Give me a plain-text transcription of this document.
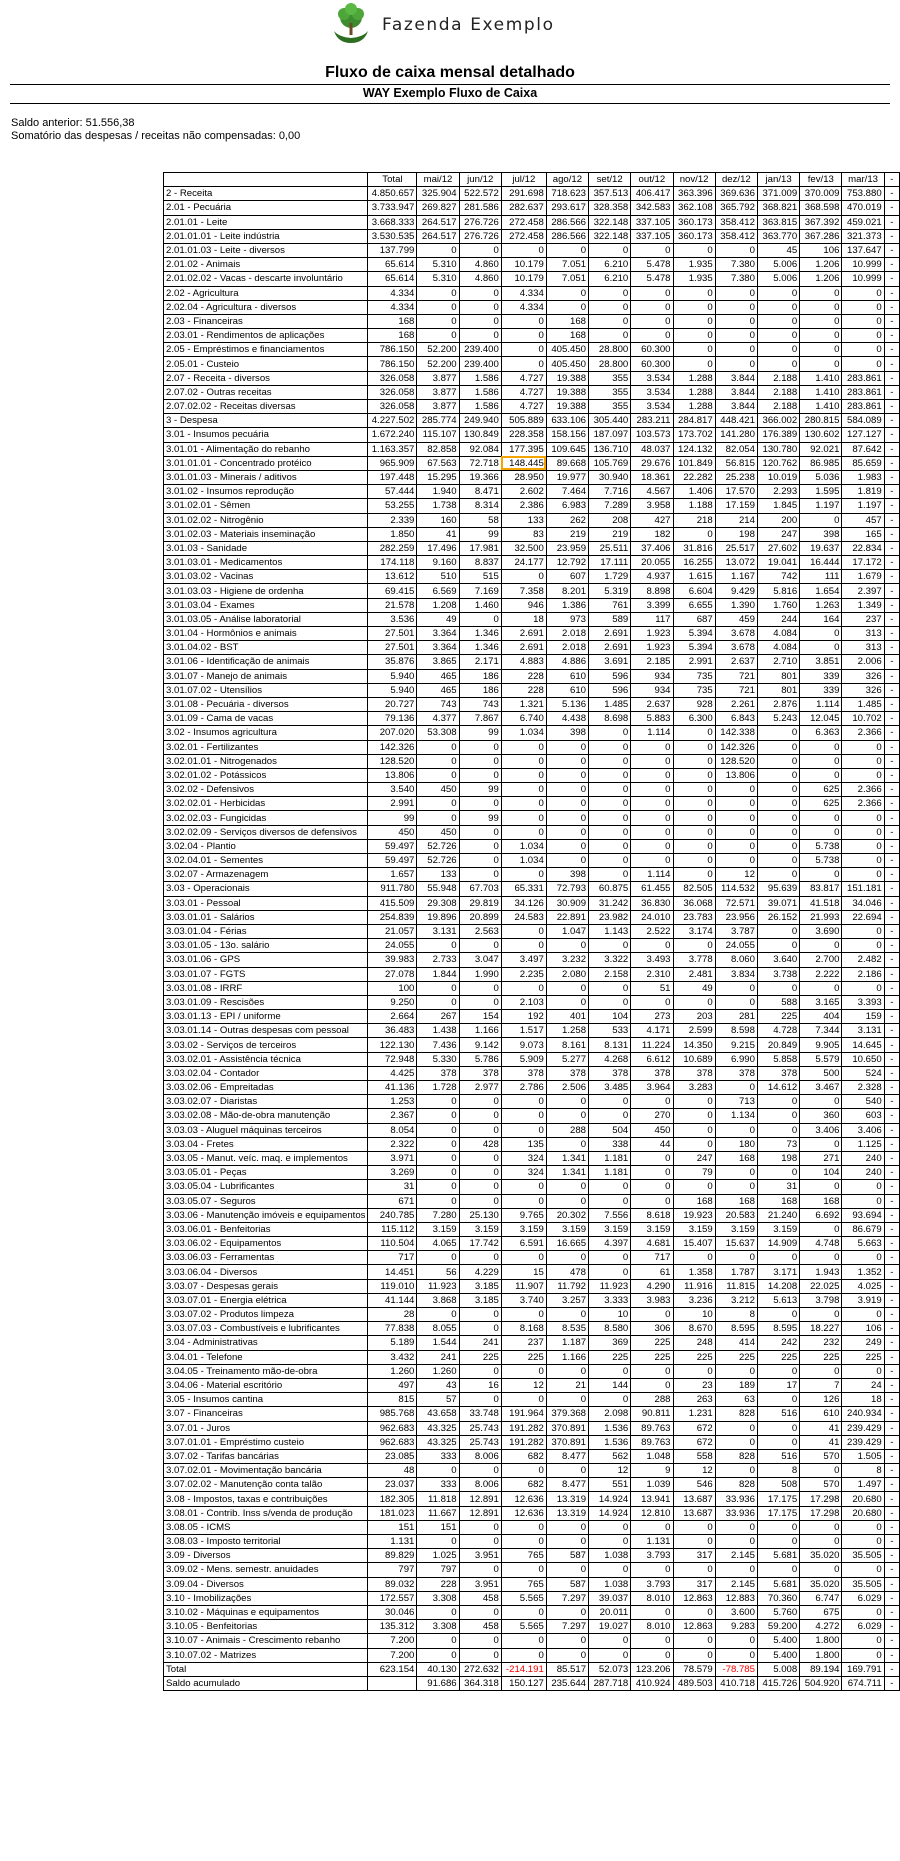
Fazenda Exemplo
Fluxo de caixa mensal detalhado
WAY Exemplo Fluxo de Caixa
Saldo anterior: 51.556,38
Somatório das despesas / receitas não compensadas: 0,00
	Total	mai/12	jun/12	jul/12	ago/12	set/12	out/12	nov/12	dez/12	jan/13	fev/13	mar/13	-
2 - Receita	4.850.657	325.904	522.572	291.698	718.623	357.513	406.417	363.396	369.636	371.009	370.009	753.880	-
2.01 - Pecuária	3.733.947	269.827	281.586	282.637	293.617	328.358	342.583	362.108	365.792	368.821	368.598	470.019	-
2.01.01 - Leite	3.668.333	264.517	276.726	272.458	286.566	322.148	337.105	360.173	358.412	363.815	367.392	459.021	-
2.01.01.01 - Leite indústria	3.530.535	264.517	276.726	272.458	286.566	322.148	337.105	360.173	358.412	363.770	367.286	321.373	-
2.01.01.03 - Leite - diversos	137.799	0	0	0	0	0	0	0	0	45	106	137.647	-
2.01.02 - Animais	65.614	5.310	4.860	10.179	7.051	6.210	5.478	1.935	7.380	5.006	1.206	10.999	-
2.01.02.02 - Vacas - descarte involuntário	65.614	5.310	4.860	10.179	7.051	6.210	5.478	1.935	7.380	5.006	1.206	10.999	-
2.02 - Agricultura	4.334	0	0	4.334	0	0	0	0	0	0	0	0	-
2.02.04 - Agricultura - diversos	4.334	0	0	4.334	0	0	0	0	0	0	0	0	-
2.03 - Financeiras	168	0	0	0	168	0	0	0	0	0	0	0	-
2.03.01 - Rendimentos de aplicações	168	0	0	0	168	0	0	0	0	0	0	0	-
2.05 - Empréstimos e financiamentos	786.150	52.200	239.400	0	405.450	28.800	60.300	0	0	0	0	0	-
2.05.01 - Custeio	786.150	52.200	239.400	0	405.450	28.800	60.300	0	0	0	0	0	-
2.07 - Receita - diversos	326.058	3.877	1.586	4.727	19.388	355	3.534	1.288	3.844	2.188	1.410	283.861	-
2.07.02 - Outras receitas	326.058	3.877	1.586	4.727	19.388	355	3.534	1.288	3.844	2.188	1.410	283.861	-
2.07.02.02 - Receitas diversas	326.058	3.877	1.586	4.727	19.388	355	3.534	1.288	3.844	2.188	1.410	283.861	-
3 - Despesa	4.227.502	285.774	249.940	505.889	633.106	305.440	283.211	284.817	448.421	366.002	280.815	584.089	-
3.01 - Insumos pecuária	1.672.240	115.107	130.849	228.358	158.156	187.097	103.573	173.702	141.280	176.389	130.602	127.127	-
3.01.01 - Alimentação do rebanho	1.163.357	82.858	92.084	177.395	109.645	136.710	48.037	124.132	82.054	130.780	92.021	87.642	-
3.01.01.01 - Concentrado protéico	965.909	67.563	72.718	148.445	89.668	105.769	29.676	101.849	56.815	120.762	86.985	85.659	-
3.01.01.03 - Minerais / aditivos	197.448	15.295	19.366	28.950	19.977	30.940	18.361	22.282	25.238	10.019	5.036	1.983	-
3.01.02 - Insumos reprodução	57.444	1.940	8.471	2.602	7.464	7.716	4.567	1.406	17.570	2.293	1.595	1.819	-
3.01.02.01 - Sêmen	53.255	1.738	8.314	2.386	6.983	7.289	3.958	1.188	17.159	1.845	1.197	1.197	-
3.01.02.02 - Nitrogênio	2.339	160	58	133	262	208	427	218	214	200	0	457	-
3.01.02.03 - Materiais inseminação	1.850	41	99	83	219	219	182	0	198	247	398	165	-
3.01.03 - Sanidade	282.259	17.496	17.981	32.500	23.959	25.511	37.406	31.816	25.517	27.602	19.637	22.834	-
3.01.03.01 - Medicamentos	174.118	9.160	8.837	24.177	12.792	17.111	20.055	16.255	13.072	19.041	16.444	17.172	-
3.01.03.02 - Vacinas	13.612	510	515	0	607	1.729	4.937	1.615	1.167	742	111	1.679	-
3.01.03.03 - Higiene de ordenha	69.415	6.569	7.169	7.358	8.201	5.319	8.898	6.604	9.429	5.816	1.654	2.397	-
3.01.03.04 - Exames	21.578	1.208	1.460	946	1.386	761	3.399	6.655	1.390	1.760	1.263	1.349	-
3.01.03.05 - Análise laboratorial	3.536	49	0	18	973	589	117	687	459	244	164	237	-
3.01.04 - Hormônios e animais	27.501	3.364	1.346	2.691	2.018	2.691	1.923	5.394	3.678	4.084	0	313	-
3.01.04.02 - BST	27.501	3.364	1.346	2.691	2.018	2.691	1.923	5.394	3.678	4.084	0	313	-
3.01.06 - Identificação de animais	35.876	3.865	2.171	4.883	4.886	3.691	2.185	2.991	2.637	2.710	3.851	2.006	-
3.01.07 - Manejo de animais	5.940	465	186	228	610	596	934	735	721	801	339	326	-
3.01.07.02 - Utensílios	5.940	465	186	228	610	596	934	735	721	801	339	326	-
3.01.08 - Pecuária - diversos	20.727	743	743	1.321	5.136	1.485	2.637	928	2.261	2.876	1.114	1.485	-
3.01.09 - Cama de vacas	79.136	4.377	7.867	6.740	4.438	8.698	5.883	6.300	6.843	5.243	12.045	10.702	-
3.02 - Insumos agricultura	207.020	53.308	99	1.034	398	0	1.114	0	142.338	0	6.363	2.366	-
3.02.01 - Fertilizantes	142.326	0	0	0	0	0	0	0	142.326	0	0	0	-
3.02.01.01 - Nitrogenados	128.520	0	0	0	0	0	0	0	128.520	0	0	0	-
3.02.01.02 - Potássicos	13.806	0	0	0	0	0	0	0	13.806	0	0	0	-
3.02.02 - Defensivos	3.540	450	99	0	0	0	0	0	0	0	625	2.366	-
3.02.02.01 - Herbicidas	2.991	0	0	0	0	0	0	0	0	0	625	2.366	-
3.02.02.03 - Fungicidas	99	0	99	0	0	0	0	0	0	0	0	0	-
3.02.02.09 - Serviços diversos de defensivos	450	450	0	0	0	0	0	0	0	0	0	0	-
3.02.04 - Plantio	59.497	52.726	0	1.034	0	0	0	0	0	0	5.738	0	-
3.02.04.01 - Sementes	59.497	52.726	0	1.034	0	0	0	0	0	0	5.738	0	-
3.02.07 - Armazenagem	1.657	133	0	0	398	0	1.114	0	12	0	0	0	-
3.03 - Operacionais	911.780	55.948	67.703	65.331	72.793	60.875	61.455	82.505	114.532	95.639	83.817	151.181	-
3.03.01 - Pessoal	415.509	29.308	29.819	34.126	30.909	31.242	36.830	36.068	72.571	39.071	41.518	34.046	-
3.03.01.01 - Salários	254.839	19.896	20.899	24.583	22.891	23.982	24.010	23.783	23.956	26.152	21.993	22.694	-
3.03.01.04 - Férias	21.057	3.131	2.563	0	1.047	1.143	2.522	3.174	3.787	0	3.690	0	-
3.03.01.05 - 13o. salário	24.055	0	0	0	0	0	0	0	24.055	0	0	0	-
3.03.01.06 - GPS	39.983	2.733	3.047	3.497	3.232	3.322	3.493	3.778	8.060	3.640	2.700	2.482	-
3.03.01.07 - FGTS	27.078	1.844	1.990	2.235	2.080	2.158	2.310	2.481	3.834	3.738	2.222	2.186	-
3.03.01.08 - IRRF	100	0	0	0	0	0	51	49	0	0	0	0	-
3.03.01.09 - Rescisões	9.250	0	0	2.103	0	0	0	0	0	588	3.165	3.393	-
3.03.01.13 - EPI / uniforme	2.664	267	154	192	401	104	273	203	281	225	404	159	-
3.03.01.14 - Outras despesas com pessoal	36.483	1.438	1.166	1.517	1.258	533	4.171	2.599	8.598	4.728	7.344	3.131	-
3.03.02 - Serviços de terceiros	122.130	7.436	9.142	9.073	8.161	8.131	11.224	14.350	9.215	20.849	9.905	14.645	-
3.03.02.01 - Assistência técnica	72.948	5.330	5.786	5.909	5.277	4.268	6.612	10.689	6.990	5.858	5.579	10.650	-
3.03.02.04 - Contador	4.425	378	378	378	378	378	378	378	378	378	500	524	-
3.03.02.06 - Empreitadas	41.136	1.728	2.977	2.786	2.506	3.485	3.964	3.283	0	14.612	3.467	2.328	-
3.03.02.07 - Diaristas	1.253	0	0	0	0	0	0	0	713	0	0	540	-
3.03.02.08 - Mão-de-obra manutenção	2.367	0	0	0	0	0	270	0	1.134	0	360	603	-
3.03.03 - Aluguel máquinas terceiros	8.054	0	0	0	288	504	450	0	0	0	3.406	3.406	-
3.03.04 - Fretes	2.322	0	428	135	0	338	44	0	180	73	0	1.125	-
3.03.05 - Manut. veíc. maq. e implementos	3.971	0	0	324	1.341	1.181	0	247	168	198	271	240	-
3.03.05.01 - Peças	3.269	0	0	324	1.341	1.181	0	79	0	0	104	240	-
3.03.05.04 - Lubrificantes	31	0	0	0	0	0	0	0	0	31	0	0	-
3.03.05.07 - Seguros	671	0	0	0	0	0	0	168	168	168	168	0	-
3.03.06 - Manutenção imóveis e equipamentos	240.785	7.280	25.130	9.765	20.302	7.556	8.618	19.923	20.583	21.240	6.692	93.694	-
3.03.06.01 - Benfeitorias	115.112	3.159	3.159	3.159	3.159	3.159	3.159	3.159	3.159	3.159	0	86.679	-
3.03.06.02 - Equipamentos	110.504	4.065	17.742	6.591	16.665	4.397	4.681	15.407	15.637	14.909	4.748	5.663	-
3.03.06.03 - Ferramentas	717	0	0	0	0	0	717	0	0	0	0	0	-
3.03.06.04 - Diversos	14.451	56	4.229	15	478	0	61	1.358	1.787	3.171	1.943	1.352	-
3.03.07 - Despesas gerais	119.010	11.923	3.185	11.907	11.792	11.923	4.290	11.916	11.815	14.208	22.025	4.025	-
3.03.07.01 - Energia elétrica	41.144	3.868	3.185	3.740	3.257	3.333	3.983	3.236	3.212	5.613	3.798	3.919	-
3.03.07.02 - Produtos limpeza	28	0	0	0	0	10	0	10	8	0	0	0	-
3.03.07.03 - Combustíveis e lubrificantes	77.838	8.055	0	8.168	8.535	8.580	306	8.670	8.595	8.595	18.227	106	-
3.04 - Administrativas	5.189	1.544	241	237	1.187	369	225	248	414	242	232	249	-
3.04.01 - Telefone	3.432	241	225	225	1.166	225	225	225	225	225	225	225	-
3.04.05 - Treinamento mão-de-obra	1.260	1.260	0	0	0	0	0	0	0	0	0	0	-
3.04.06 - Material escritório	497	43	16	12	21	144	0	23	189	17	7	24	-
3.05 - Insumos cantina	815	57	0	0	0	0	288	263	63	0	126	18	-
3.07 - Financeiras	985.768	43.658	33.748	191.964	379.368	2.098	90.811	1.231	828	516	610	240.934	-
3.07.01 - Juros	962.683	43.325	25.743	191.282	370.891	1.536	89.763	672	0	0	41	239.429	-
3.07.01.01 - Empréstimo custeio	962.683	43.325	25.743	191.282	370.891	1.536	89.763	672	0	0	41	239.429	-
3.07.02 - Tarifas bancárias	23.085	333	8.006	682	8.477	562	1.048	558	828	516	570	1.505	-
3.07.02.01 - Movimentação bancária	48	0	0	0	0	12	9	12	0	8	0	8	-
3.07.02.02 - Manutenção conta talão	23.037	333	8.006	682	8.477	551	1.039	546	828	508	570	1.497	-
3.08 - Impostos, taxas e contribuições	182.305	11.818	12.891	12.636	13.319	14.924	13.941	13.687	33.936	17.175	17.298	20.680	-
3.08.01 - Contrib. Inss s/venda de produção	181.023	11.667	12.891	12.636	13.319	14.924	12.810	13.687	33.936	17.175	17.298	20.680	-
3.08.05 - ICMS	151	151	0	0	0	0	0	0	0	0	0	0	-
3.08.03 - Imposto territorial	1.131	0	0	0	0	0	1.131	0	0	0	0	0	-
3.09 - Diversos	89.829	1.025	3.951	765	587	1.038	3.793	317	2.145	5.681	35.020	35.505	-
3.09.02 - Mens. semestr. anuidades	797	797	0	0	0	0	0	0	0	0	0	0	-
3.09.04 - Diversos	89.032	228	3.951	765	587	1.038	3.793	317	2.145	5.681	35.020	35.505	-
3.10 - Imobilizações	172.557	3.308	458	5.565	7.297	39.037	8.010	12.863	12.883	70.360	6.747	6.029	-
3.10.02 - Máquinas e equipamentos	30.046	0	0	0	0	20.011	0	0	3.600	5.760	675	0	-
3.10.05 - Benfeitorias	135.312	3.308	458	5.565	7.297	19.027	8.010	12.863	9.283	59.200	4.272	6.029	-
3.10.07 - Animais - Crescimento rebanho	7.200	0	0	0	0	0	0	0	0	5.400	1.800	0	-
3.10.07.02 - Matrizes	7.200	0	0	0	0	0	0	0	0	5.400	1.800	0	-
Total	623.154	40.130	272.632	-214.191	85.517	52.073	123.206	78.579	-78.785	5.008	89.194	169.791	-
Saldo acumulado		91.686	364.318	150.127	235.644	287.718	410.924	489.503	410.718	415.726	504.920	674.711	-
